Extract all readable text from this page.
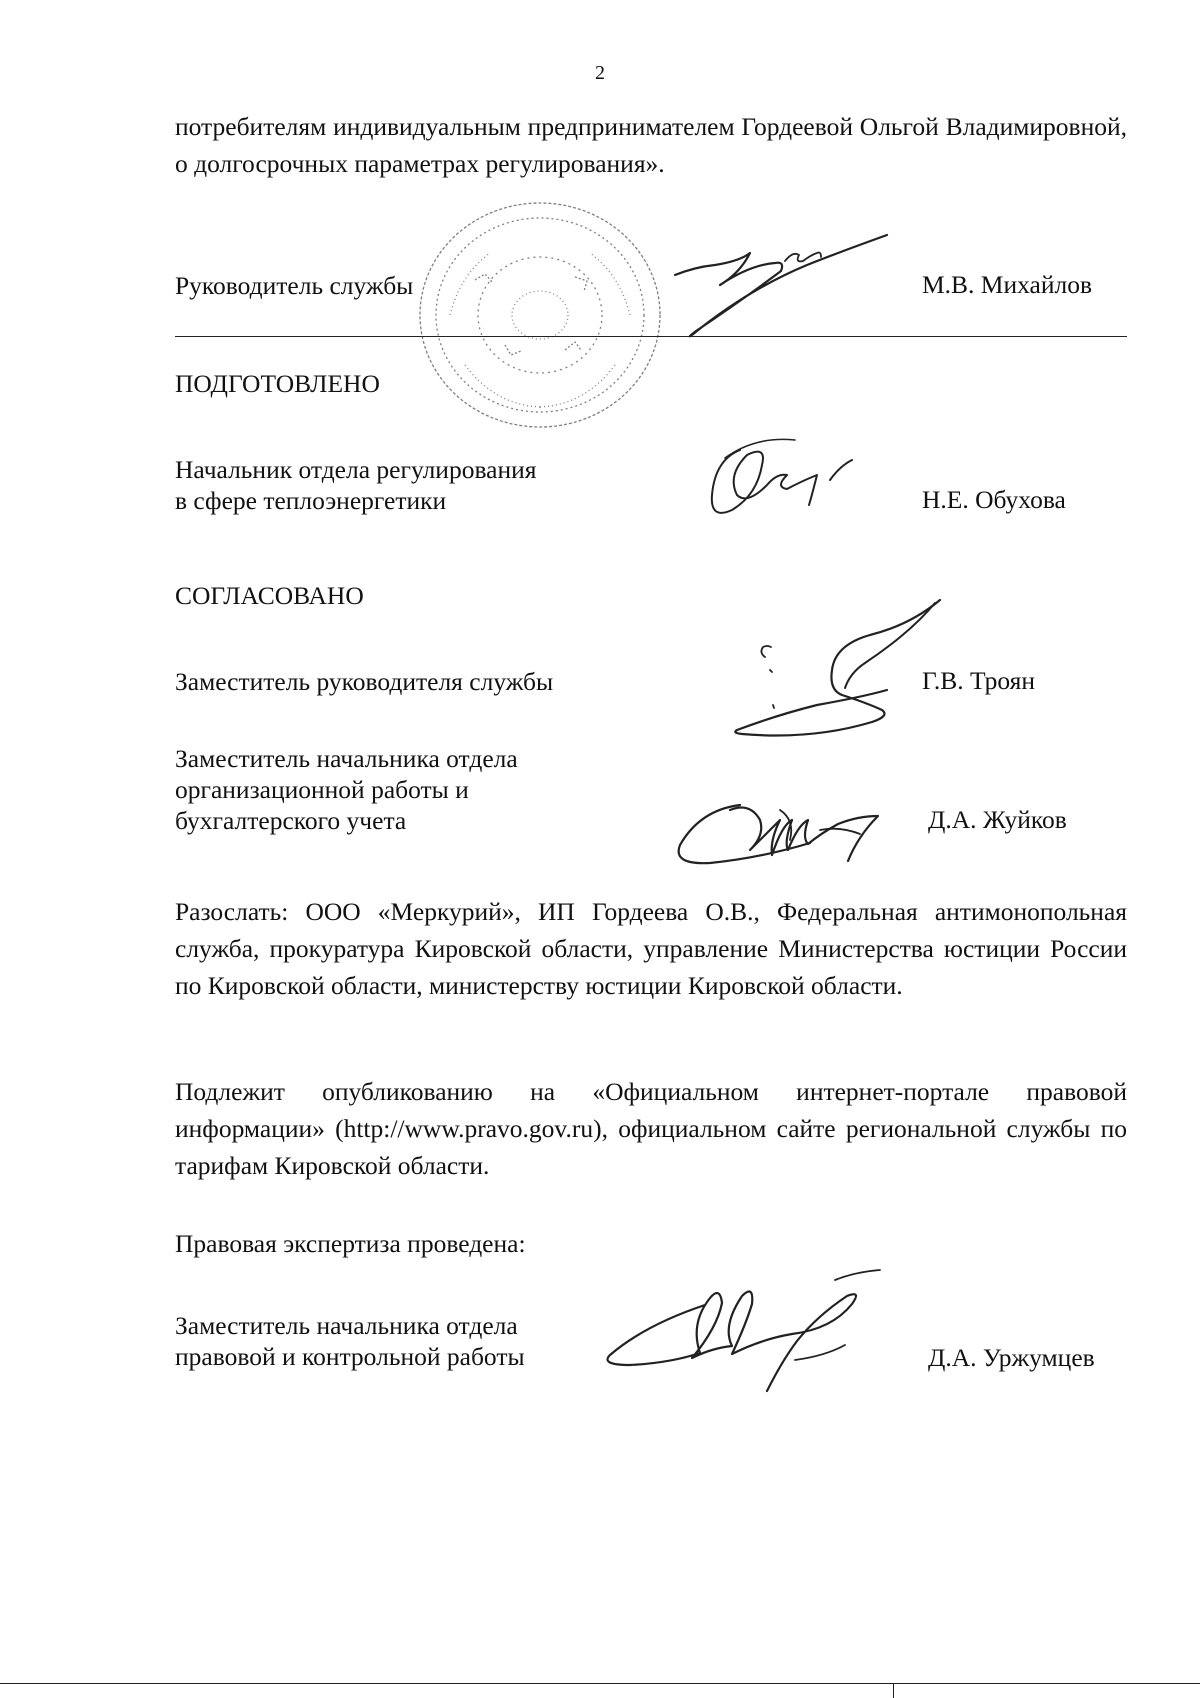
2
потребителям индивидуальным предпринимателем Гордеевой Ольгой Владимировной, о долгосрочных параметрах регулирования».
Руководитель службы	М.В. Михайлов
ПОДГОТОВЛЕНО
Начальник отдела регулирования
в сфере теплоэнергетики	Н.Е. Обухова
СОГЛАСОВАНО
Заместитель руководителя службы	Г.В. Троян
Заместитель начальника отдела
организационной работы и
бухгалтерского учета	Д.А. Жуйков
Разослать: ООО «Меркурий», ИП Гордеева О.В., Федеральная антимонопольная служба, прокуратура Кировской области, управление Министерства юстиции России по Кировской области, министерству юстиции Кировской области.
Подлежит опубликованию на «Официальном интернет-портале правовой информации» (http://www.pravo.gov.ru), официальном сайте региональной службы по тарифам Кировской области.
Правовая экспертиза проведена:
Заместитель начальника отдела
правовой и контрольной работы	Д.А. Уржумцев
